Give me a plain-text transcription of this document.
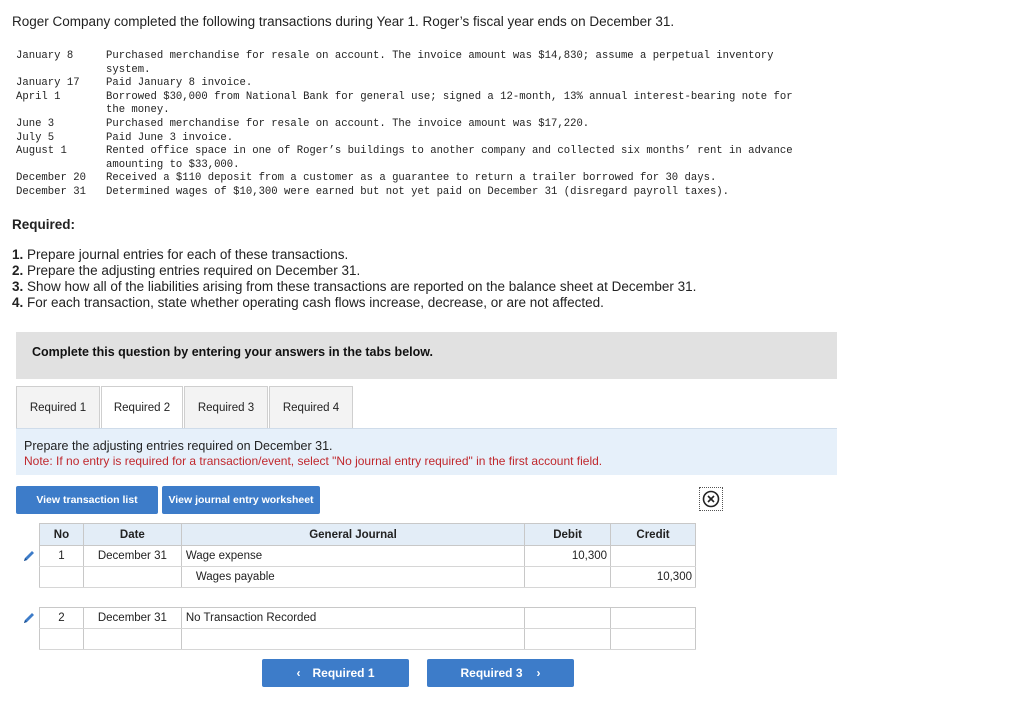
Roger Company completed the following transactions during Year 1. Roger’s fiscal year ends on December 31.
January 8	Purchased merchandise for resale on account. The invoice amount was $14,830; assume a perpetual inventory system.
January 17	Paid January 8 invoice.
April 1	Borrowed $30,000 from National Bank for general use; signed a 12-month, 13% annual interest-bearing note for the money.
June 3	Purchased merchandise for resale on account. The invoice amount was $17,220.
July 5	Paid June 3 invoice.
August 1	Rented office space in one of Roger’s buildings to another company and collected six months’ rent in advance amounting to $33,000.
December 20	Received a $110 deposit from a customer as a guarantee to return a trailer borrowed for 30 days.
December 31	Determined wages of $10,300 were earned but not yet paid on December 31 (disregard payroll taxes).
Required:
1. Prepare journal entries for each of these transactions.
2. Prepare the adjusting entries required on December 31.
3. Show how all of the liabilities arising from these transactions are reported on the balance sheet at December 31.
4. For each transaction, state whether operating cash flows increase, decrease, or are not affected.
Complete this question by entering your answers in the tabs below.
Required 1	Required 2	Required 3	Required 4
Prepare the adjusting entries required on December 31.
Note: If no entry is required for a transaction/event, select "No journal entry required" in the first account field.
View transaction list	View journal entry worksheet
No	Date	General Journal	Debit	Credit
1	December 31	Wage expense	10,300	
		Wages payable		10,300

2	December 31	No Transaction Recorded		

‹ Required 1	Required 3 ›
